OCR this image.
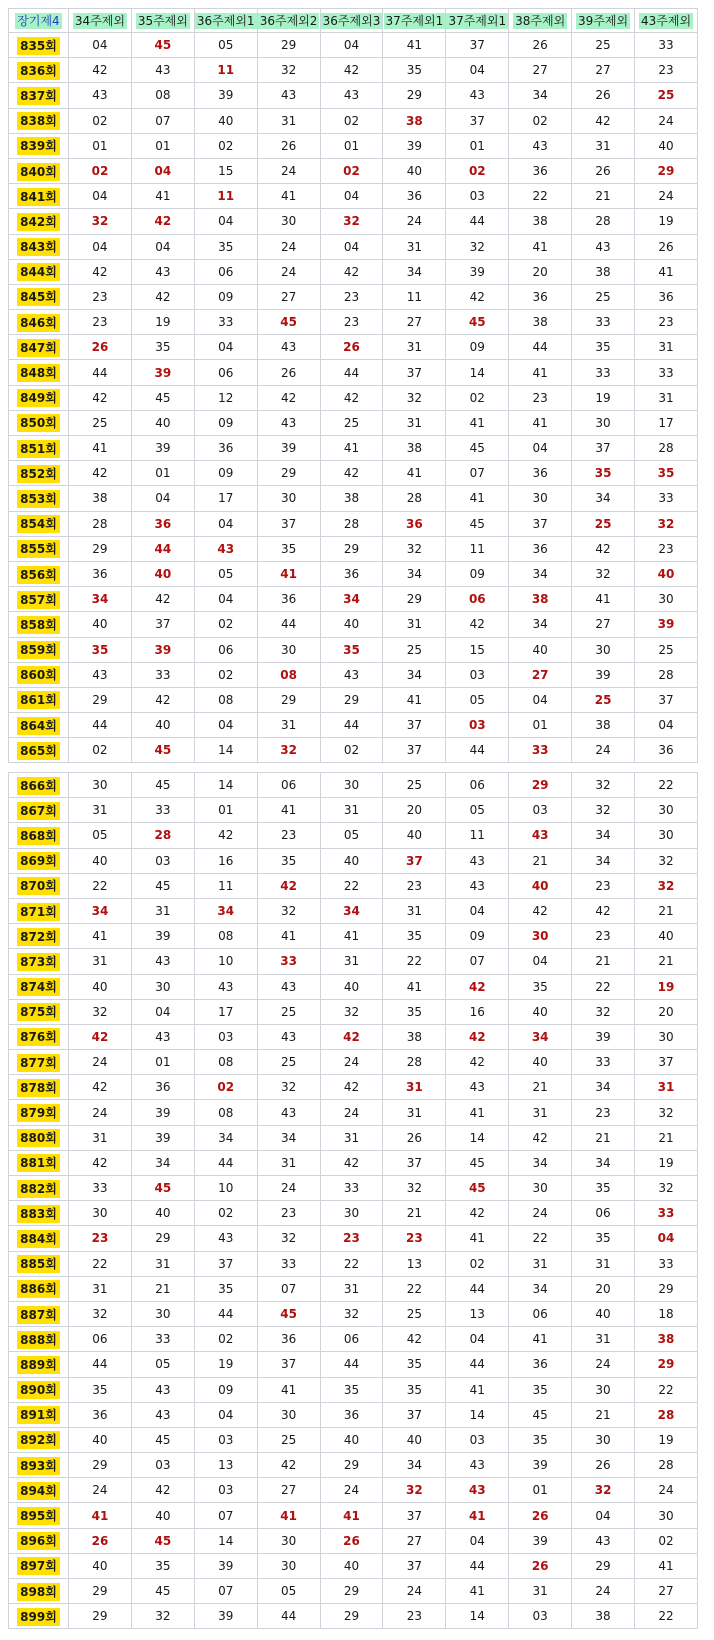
장기제4	34주제외	35주제외	36주제외1	36주제외2	36주제외3	37주제외1	37주제외1	38주제외	39주제외	43주제외
835회	04	45	05	29	04	41	37	26	25	33
836회	42	43	11	32	42	35	04	27	27	23
837회	43	08	39	43	43	29	43	34	26	25
838회	02	07	40	31	02	38	37	02	42	24
839회	01	01	02	26	01	39	01	43	31	40
840회	02	04	15	24	02	40	02	36	26	29
841회	04	41	11	41	04	36	03	22	21	24
842회	32	42	04	30	32	24	44	38	28	19
843회	04	04	35	24	04	31	32	41	43	26
844회	42	43	06	24	42	34	39	20	38	41
845회	23	42	09	27	23	11	42	36	25	36
846회	23	19	33	45	23	27	45	38	33	23
847회	26	35	04	43	26	31	09	44	35	31
848회	44	39	06	26	44	37	14	41	33	33
849회	42	45	12	42	42	32	02	23	19	31
850회	25	40	09	43	25	31	41	41	30	17
851회	41	39	36	39	41	38	45	04	37	28
852회	42	01	09	29	42	41	07	36	35	35
853회	38	04	17	30	38	28	41	30	34	33
854회	28	36	04	37	28	36	45	37	25	32
855회	29	44	43	35	29	32	11	36	42	23
856회	36	40	05	41	36	34	09	34	32	40
857회	34	42	04	36	34	29	06	38	41	30
858회	40	37	02	44	40	31	42	34	27	39
859회	35	39	06	30	35	25	15	40	30	25
860회	43	33	02	08	43	34	03	27	39	28
861회	29	42	08	29	29	41	05	04	25	37
864회	44	40	04	31	44	37	03	01	38	04
865회	02	45	14	32	02	37	44	33	24	36
866회	30	45	14	06	30	25	06	29	32	22
867회	31	33	01	41	31	20	05	03	32	30
868회	05	28	42	23	05	40	11	43	34	30
869회	40	03	16	35	40	37	43	21	34	32
870회	22	45	11	42	22	23	43	40	23	32
871회	34	31	34	32	34	31	04	42	42	21
872회	41	39	08	41	41	35	09	30	23	40
873회	31	43	10	33	31	22	07	04	21	21
874회	40	30	43	43	40	41	42	35	22	19
875회	32	04	17	25	32	35	16	40	32	20
876회	42	43	03	43	42	38	42	34	39	30
877회	24	01	08	25	24	28	42	40	33	37
878회	42	36	02	32	42	31	43	21	34	31
879회	24	39	08	43	24	31	41	31	23	32
880회	31	39	34	34	31	26	14	42	21	21
881회	42	34	44	31	42	37	45	34	34	19
882회	33	45	10	24	33	32	45	30	35	32
883회	30	40	02	23	30	21	42	24	06	33
884회	23	29	43	32	23	23	41	22	35	04
885회	22	31	37	33	22	13	02	31	31	33
886회	31	21	35	07	31	22	44	34	20	29
887회	32	30	44	45	32	25	13	06	40	18
888회	06	33	02	36	06	42	04	41	31	38
889회	44	05	19	37	44	35	44	36	24	29
890회	35	43	09	41	35	35	41	35	30	22
891회	36	43	04	30	36	37	14	45	21	28
892회	40	45	03	25	40	40	03	35	30	19
893회	29	03	13	42	29	34	43	39	26	28
894회	24	42	03	27	24	32	43	01	32	24
895회	41	40	07	41	41	37	41	26	04	30
896회	26	45	14	30	26	27	04	39	43	02
897회	40	35	39	30	40	37	44	26	29	41
898회	29	45	07	05	29	24	41	31	24	27
899회	29	32	39	44	29	23	14	03	38	22
